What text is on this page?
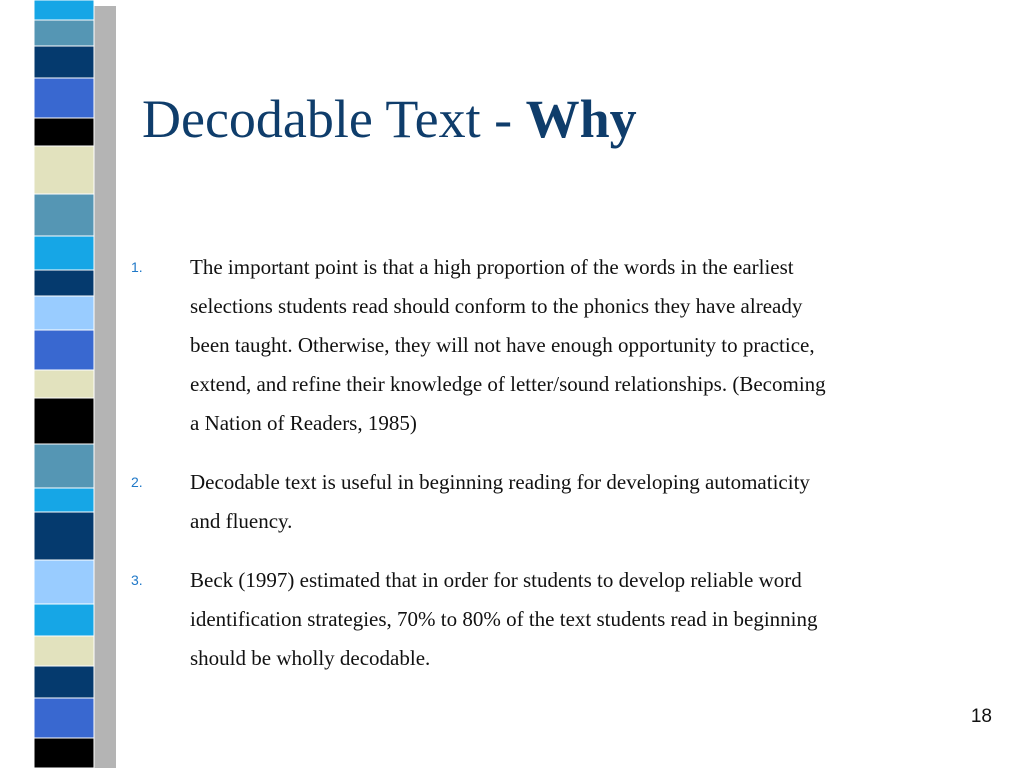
Decodable Text - Why
1. The important point is that a high proportion of the words in the earliest
selections students read should conform to the phonics they have already
been taught. Otherwise, they will not have enough opportunity to practice,
extend, and refine their knowledge of letter/sound relationships. (Becoming
a Nation of Readers, 1985)
2. Decodable text is useful in beginning reading for developing automaticity
and fluency.
3. Beck (1997) estimated that in order for students to develop reliable word
identification strategies, 70% to 80% of the text students read in beginning
should be wholly decodable.
18
